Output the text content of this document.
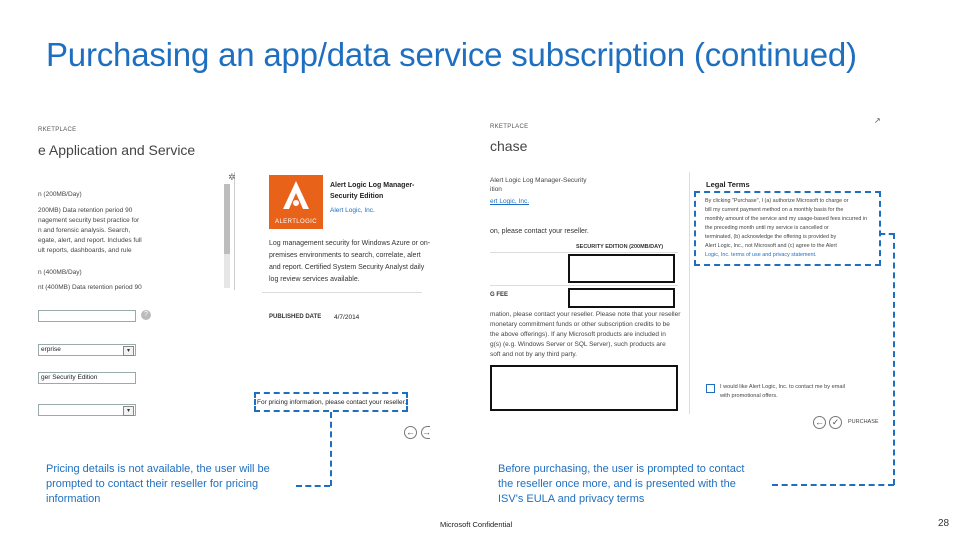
Purchasing an app/data service subscription (continued)
RKETPLACE
e Application and Service
✲
n (200MB/Day)
200MB) Data retention period 90
nagement security best practice for
n and forensic analysis. Search,
egate, alert, and report. Includes full
ult reports, dashboards, and rule
n (400MB/Day)
nt (400MB) Data retention period 90
ALERTLOGIC
Alert Logic Log Manager-
Security Edition
Alert Logic, Inc.
Log management security for Windows Azure or on-
premises environments to search, correlate, alert
and report. Certified System Security Analyst daily
log review services available.
PUBLISHED DATE 4/7/2014
?
erprise	▾
ger Security Edition
▾
For pricing information, please contact your reseller.
← →
Pricing details is not available, the user will be
prompted to contact their reseller for pricing
information
RKETPLACE
chase
↗
Alert Logic Log Manager-Security
ition
ert Logic, Inc.
on, please contact your reseller.
SECURITY EDITION (200MB/DAY)
G FEE
mation, please contact your reseller. Please note that your reseller
monetary commitment funds or other subscription credits to be
the above offerings). If any Microsoft products are included in
g(s) (e.g. Windows Server or SQL Server), such products are
soft and not by any third party.
Legal Terms
By clicking "Purchase", I (a) authorize Microsoft to charge or
bill my current payment method on a monthly basis for the
monthly amount of the service and my usage-based fees incurred in
the preceding month until my service is cancelled or
terminated, (b) acknowledge the offering is provided by
Alert Logic, Inc., not Microsoft and (c) agree to the Alert
Logic, Inc. terms of use and privacy statement.
I would like Alert Logic, Inc. to contact me by email
with promotional offers.
← ✓	PURCHASE
Before purchasing, the user is prompted to contact
the reseller once more, and is presented with the
ISV's EULA and privacy terms
Microsoft Confidential	28
